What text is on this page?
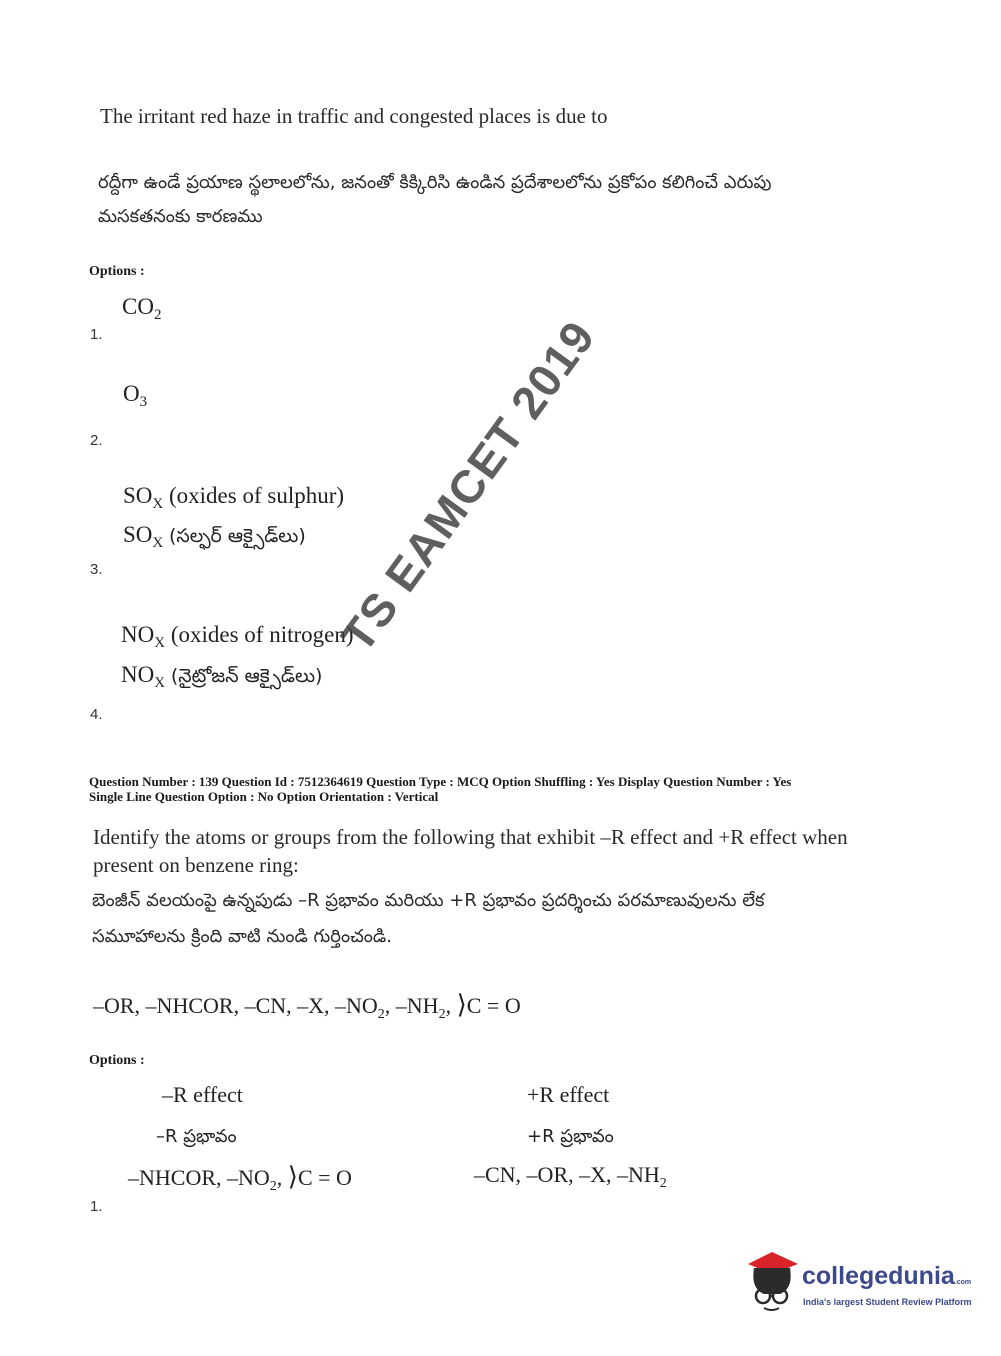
The irritant red haze in traffic and congested places is due to
రద్దీగా ఉండే ప్రయాణ స్థలాలలోను, జనంతో కిక్కిరిసి ఉండిన ప్రదేశాలలోను ప్రకోపం కలిగించే ఎరుపు
మసకతనంకు కారణము
Options :
$CO_2$
1.
$O_3$
2.
$SO_X$ (oxides of sulphur)
$SO_X$ (సల్ఫర్ ఆక్సైడ్‌లు)
3.
$NO_X$ (oxides of nitrogen)
$NO_X$ (నైట్రోజన్ ఆక్సైడ్‌లు)
4.
Question Number : 139 Question Id : 7512364619 Question Type : MCQ Option Shuffling : Yes Display Question Number : Yes
Single Line Question Option : No Option Orientation : Vertical
Identify the atoms or groups from the following that exhibit –R effect and +R effect when
present on benzene ring:
బెంజీన్ వలయంపై ఉన్నపుడు –R ప్రభావం మరియు +R ప్రభావం ప్రదర్శించు పరమాణువులను లేక
సమూహాలను క్రింది వాటి నుండి గుర్తించండి.
–OR, –NHCOR, –CN, –X, $-NO_2$, $-NH_2$, ⟩C = O
Options :
–R effect	+R effect
–R ప్రభావం	+R ప్రభావం
–NHCOR, $-NO_2$, ⟩C = O	–CN, –OR, –X, $-NH_2$
1.
TS EAMCET 2019
collegedunia.com
India's largest Student Review Platform
